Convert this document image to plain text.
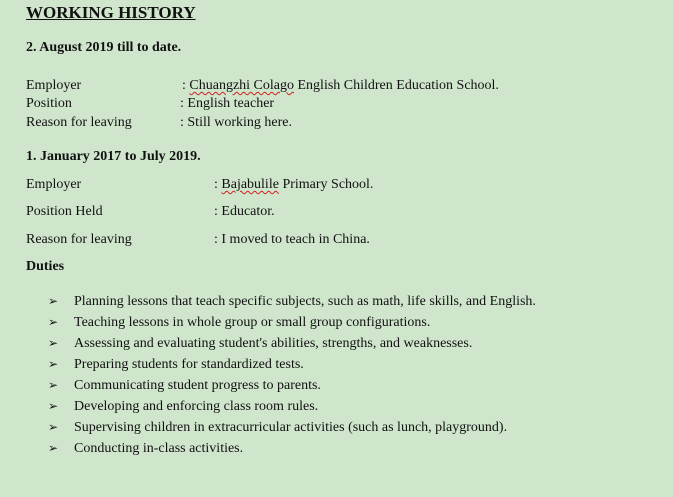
WORKING HISTORY
2. August 2019 till to date.
Employer	: Chuangzhi Colago English Children Education School.
Position	: English teacher
Reason for leaving	: Still working here.
1. January 2017 to July 2019.
Employer	: Bajabulile Primary School.
Position Held	: Educator.
Reason for leaving	: I moved to teach in China.
Duties
➢	Planning lessons that teach specific subjects, such as math, life skills, and English.
➢	Teaching lessons in whole group or small group configurations.
➢	Assessing and evaluating student's abilities, strengths, and weaknesses.
➢	Preparing students for standardized tests.
➢	Communicating student progress to parents.
➢	Developing and enforcing class room rules.
➢	Supervising children in extracurricular activities (such as lunch, playground).
➢	Conducting in-class activities.
